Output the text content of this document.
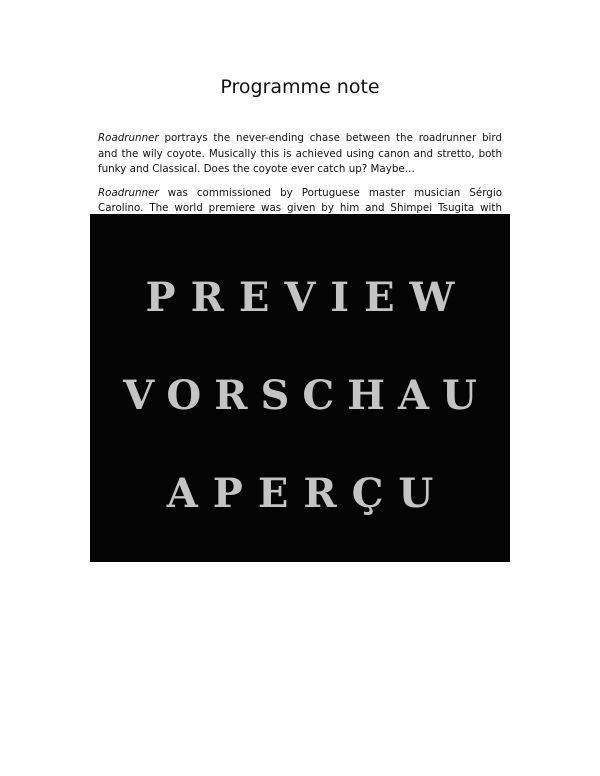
Programme note

Roadrunner portrays the never-ending chase between the roadrunner bird and the wily coyote. Musically this is achieved using canon and stretto, both funky and Classical. Does the coyote ever catch up? Maybe…

Roadrunner was commissioned by Portuguese master musician Sérgio Carolino. The world premiere was given by him and Shimpei Tsugita with

PREVIEW
VORSCHAU
APERÇU
